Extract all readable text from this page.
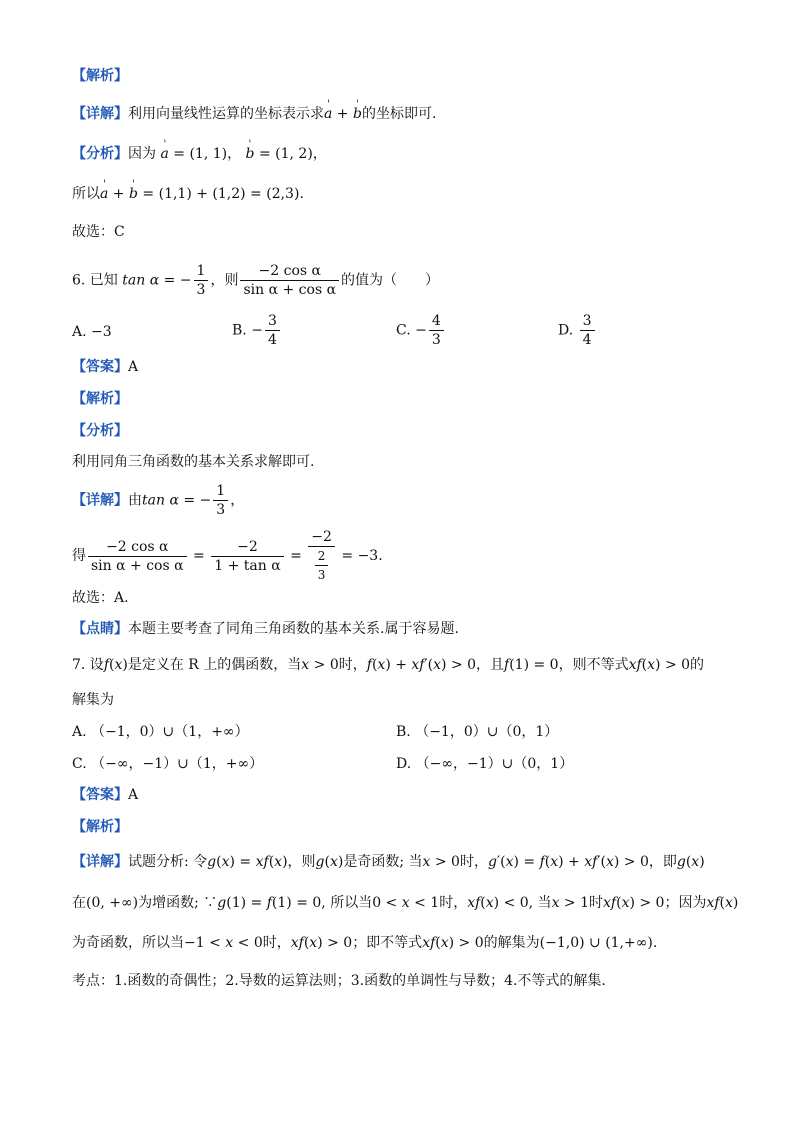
【解析】
【详解】利用向量线性运算的坐标表示求' a + ' b的坐标即可.
【分析】因为 ' a = (1, 1)， ' b = (1, 2)，
所以' a + ' b = (1,1) + (1,2) = (2,3).
故选：C
6. 已知 tan α = − $\frac{1}{3}$ ，则 $\frac{\text{−2 cos α}}{\text{sin α + cos α}}$ 的值为（　　）
A. −3	B. − $\frac{3}{4}$	C. − $\frac{4}{3}$	D. $\frac{3}{4}$
【答案】A
【解析】
【分析】
利用同角三角函数的基本关系求解即可.
【详解】由tan α = − $\frac{1}{3}$ ，
得 $\frac{\text{−2 cos α}}{\text{sin α + cos α}} = \frac{-2}{\text{1 + tan α}} = \frac{-2}{\frac{2}{3}} = -3$.
故选：A.
【点睛】本题主要考查了同角三角函数的基本关系.属于容易题.
7. 设f(x)是定义在 R 上的偶函数，当x > 0时，f(x) + xf′(x) > 0，且f(1) = 0，则不等式xf(x) > 0的
解集为
A. （−1，0）∪（1，+∞）	B. （−1，0）∪（0，1）
C. （−∞，−1）∪（1，+∞）	D. （−∞，−1）∪（0，1）
【答案】A
【解析】
【详解】试题分析: 令g(x) = xf(x)，则g(x)是奇函数; 当x > 0时，g′(x) = f(x) + xf′(x) > 0，即g(x)
在(0, +∞)为增函数; ∵g(1) = f(1) = 0, 所以当0 < x < 1时，xf(x) < 0, 当x > 1时xf(x) > 0；因为xf(x)
为奇函数，所以当−1 < x < 0时，xf(x) > 0；即不等式xf(x) > 0的解集为(−1,0) ∪ (1,+∞).
考点：1.函数的奇偶性；2.导数的运算法则；3.函数的单调性与导数；4.不等式的解集.
